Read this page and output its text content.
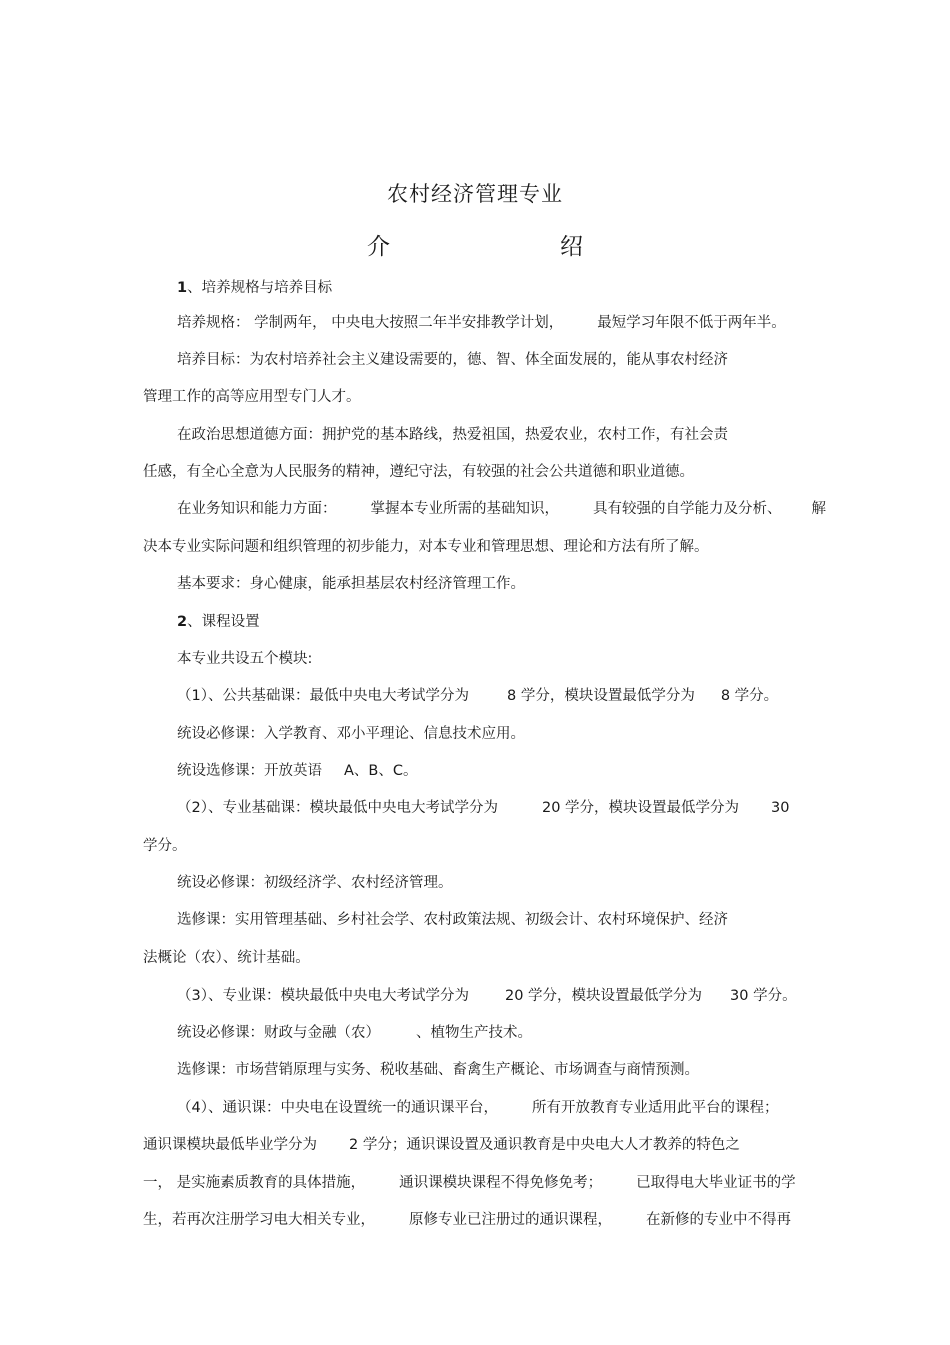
农村经济管理专业
介	绍
1、培养规格与培养目标
培养规格： 学制两年， 中央电大按照二年半安排教学计划， 最短学习年限不低于两年半。
培养目标：为农村培养社会主义建设需要的，德、智、体全面发展的，能从事农村经济
管理工作的高等应用型专门人才。
在政治思想道德方面：拥护党的基本路线，热爱祖国，热爱农业，农村工作，有社会责
任感，有全心全意为人民服务的精神，遵纪守法，有较强的社会公共道德和职业道德。
在业务知识和能力方面： 掌握本专业所需的基础知识， 具有较强的自学能力及分析、 解
决本专业实际问题和组织管理的初步能力，对本专业和管理思想、理论和方法有所了解。
基本要求：身心健康，能承担基层农村经济管理工作。
2、课程设置
本专业共设五个模块:
（1）、公共基础课：最低中央电大考试学分为	8 学分，模块设置最低学分为 8 学分。
统设必修课：入学教育、邓小平理论、信息技术应用。
统设选修课：开放英语 A、B、C。
（2）、专业基础课：模块最低中央电大考试学分为	20 学分，模块设置最低学分为 30
学分。
统设必修课：初级经济学、农村经济管理。
选修课：实用管理基础、乡村社会学、农村政策法规、初级会计、农村环境保护、经济
法概论（农）、统计基础。
（3）、专业课：模块最低中央电大考试学分为 20 学分，模块设置最低学分为 30 学分。
统设必修课：财政与金融（农） 、植物生产技术。
选修课：市场营销原理与实务、税收基础、畜禽生产概论、市场调查与商情预测。
（4）、通识课：中央电在设置统一的通识课平台， 所有开放教育专业适用此平台的课程；
通识课模块最低毕业学分为 2 学分；通识课设置及通识教育是中央电大人才教养的特色之
一， 是实施素质教育的具体措施， 通识课模块课程不得免修免考； 已取得电大毕业证书的学
生，若再次注册学习电大相关专业， 原修专业已注册过的通识课程， 在新修的专业中不得再
